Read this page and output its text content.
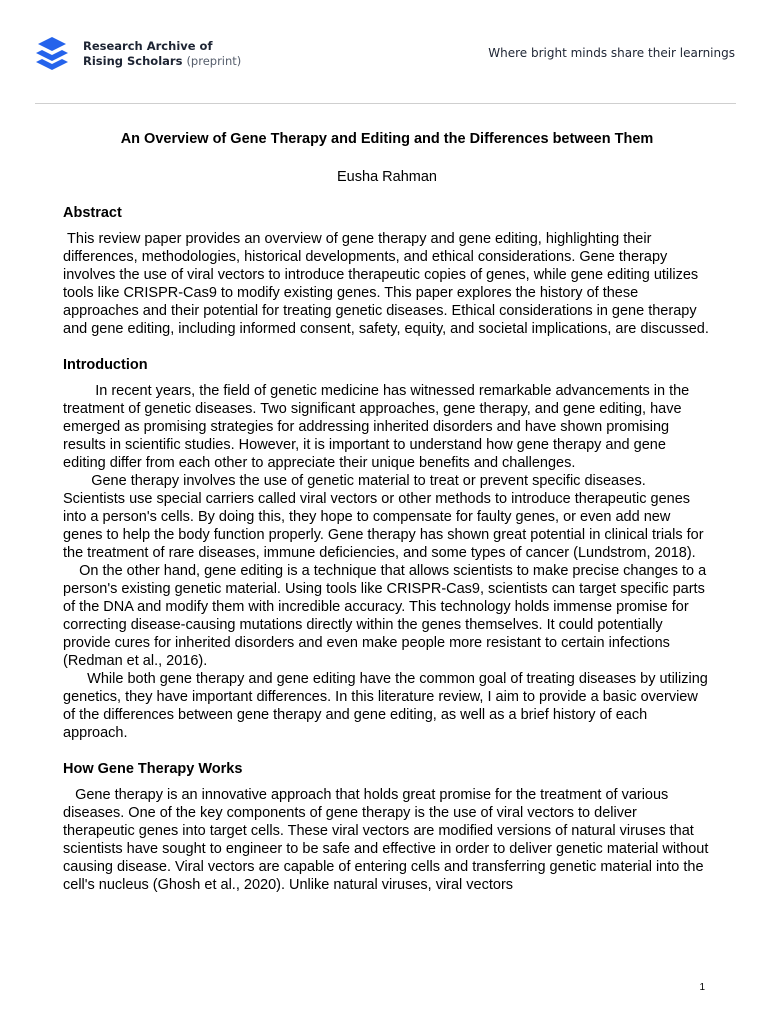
Research Archive of
Rising Scholars (preprint)
Where bright minds share their learnings

An Overview of Gene Therapy and Editing and the Differences between Them

Eusha Rahman

Abstract

This review paper provides an overview of gene therapy and gene editing, highlighting their differences, methodologies, historical developments, and ethical considerations. Gene therapy involves the use of viral vectors to introduce therapeutic copies of genes, while gene editing utilizes tools like CRISPR-Cas9 to modify existing genes. This paper explores the history of these approaches and their potential for treating genetic diseases. Ethical considerations in gene therapy and gene editing, including informed consent, safety, equity, and societal implications, are discussed.

Introduction

In recent years, the field of genetic medicine has witnessed remarkable advancements in the treatment of genetic diseases. Two significant approaches, gene therapy, and gene editing, have emerged as promising strategies for addressing inherited disorders and have shown promising results in scientific studies. However, it is important to understand how gene therapy and gene editing differ from each other to appreciate their unique benefits and challenges.

Gene therapy involves the use of genetic material to treat or prevent specific diseases. Scientists use special carriers called viral vectors or other methods to introduce therapeutic genes into a person's cells. By doing this, they hope to compensate for faulty genes, or even add new genes to help the body function properly. Gene therapy has shown great potential in clinical trials for the treatment of rare diseases, immune deficiencies, and some types of cancer (Lundstrom, 2018).

On the other hand, gene editing is a technique that allows scientists to make precise changes to a person's existing genetic material. Using tools like CRISPR-Cas9, scientists can target specific parts of the DNA and modify them with incredible accuracy. This technology holds immense promise for correcting disease-causing mutations directly within the genes themselves. It could potentially provide cures for inherited disorders and even make people more resistant to certain infections (Redman et al., 2016).

While both gene therapy and gene editing have the common goal of treating diseases by utilizing genetics, they have important differences. In this literature review, I aim to provide a basic overview of the differences between gene therapy and gene editing, as well as a brief history of each approach.

How Gene Therapy Works

Gene therapy is an innovative approach that holds great promise for the treatment of various diseases. One of the key components of gene therapy is the use of viral vectors to deliver therapeutic genes into target cells. These viral vectors are modified versions of natural viruses that scientists have sought to engineer to be safe and effective in order to deliver genetic material without causing disease. Viral vectors are capable of entering cells and transferring genetic material into the cell's nucleus (Ghosh et al., 2020). Unlike natural viruses, viral vectors

1
